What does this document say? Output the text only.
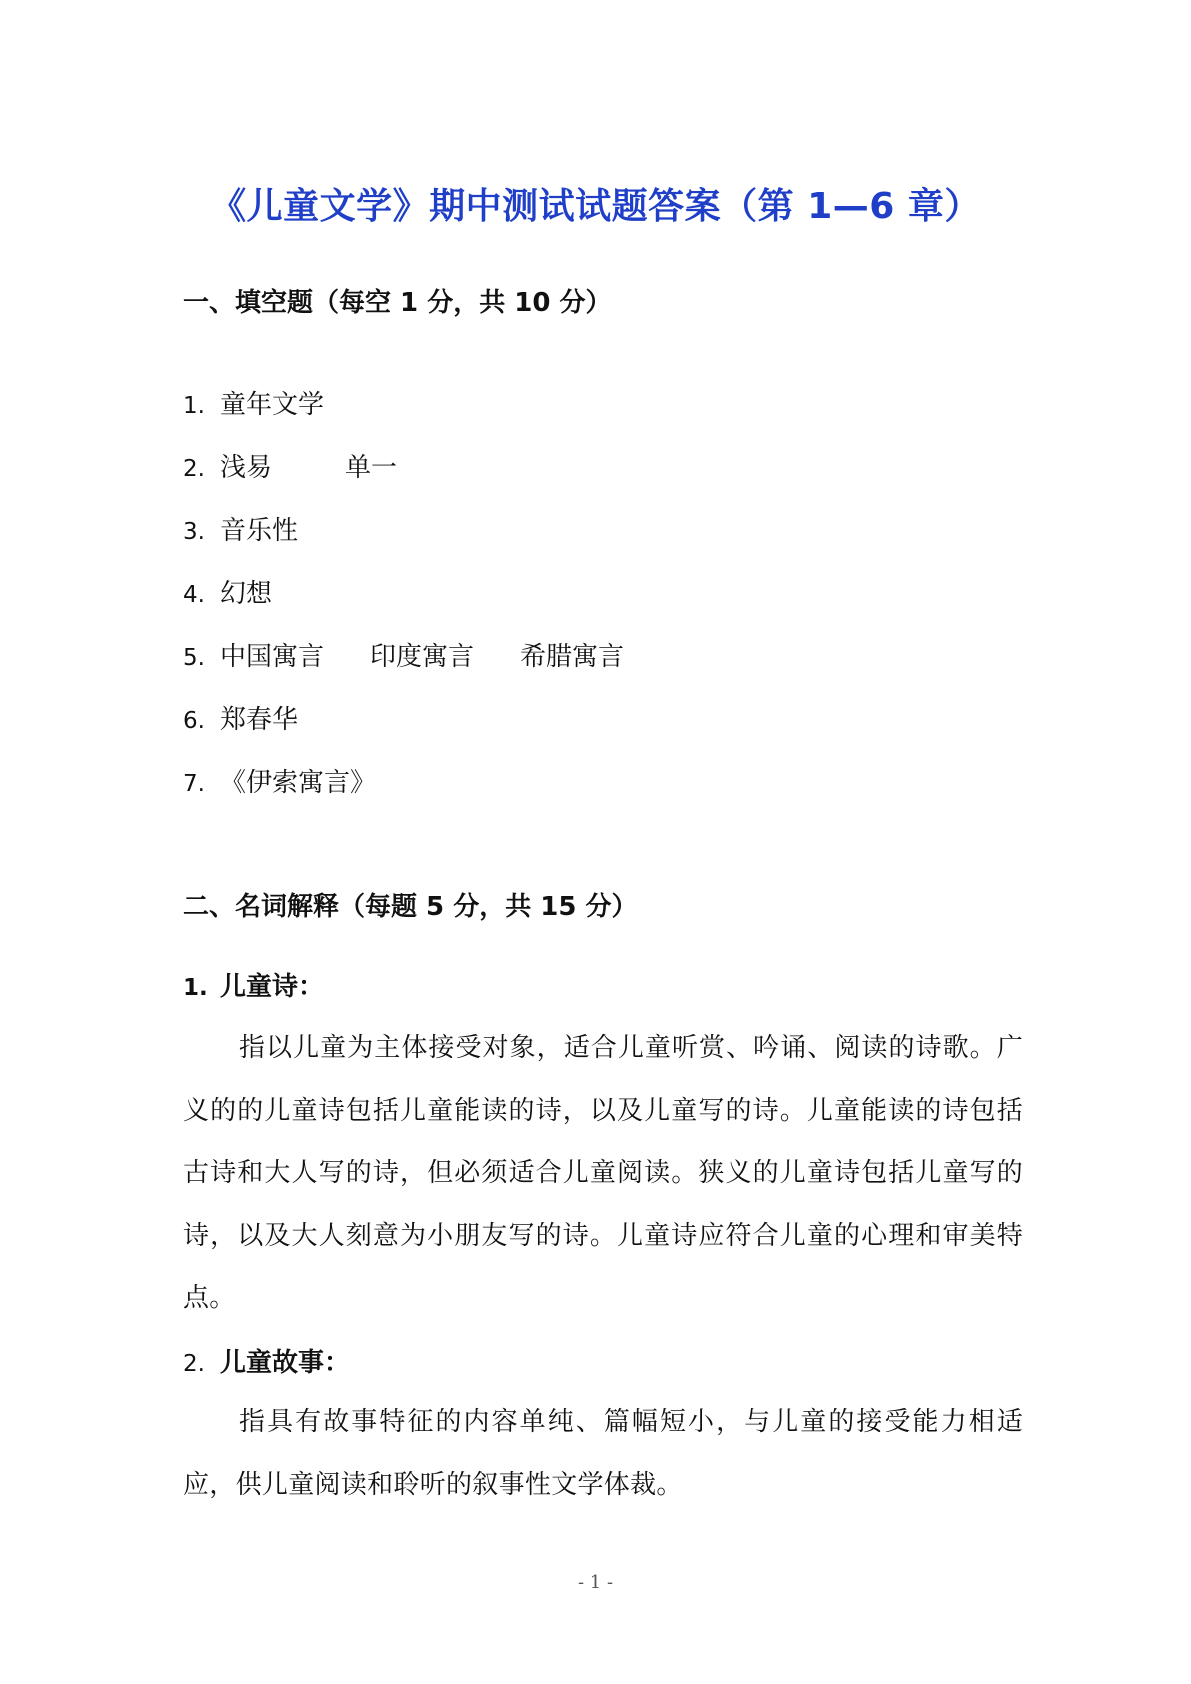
《儿童文学》期中测试试题答案（第 1—6 章）
一、填空题（每空 1 分，共 10 分）
1. 童年文学
2. 浅易	单一
3. 音乐性
4. 幻想
5. 中国寓言 印度寓言 希腊寓言
6. 郑春华
7. 《伊索寓言》
二、名词解释（每题 5 分，共 15 分）
1. 儿童诗：
指以儿童为主体接受对象，适合儿童听赏、吟诵、阅读的诗歌。广义的的儿童诗包括儿童能读的诗，以及儿童写的诗。儿童能读的诗包括古诗和大人写的诗，但必须适合儿童阅读。狭义的儿童诗包括儿童写的诗，以及大人刻意为小朋友写的诗。儿童诗应符合儿童的心理和审美特点。
2. 儿童故事：
指具有故事特征的内容单纯、篇幅短小，与儿童的接受能力相适应，供儿童阅读和聆听的叙事性文学体裁。
- 1 -
